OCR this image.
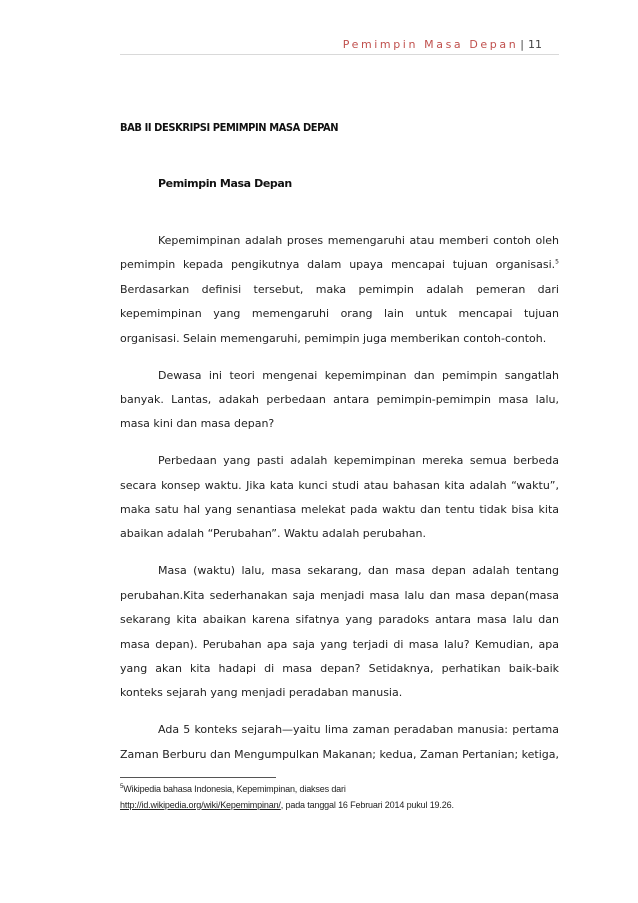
Pemimpin Masa Depan | 11
BAB II DESKRIPSI PEMIMPIN MASA DEPAN
Pemimpin Masa Depan

Kepemimpinan adalah proses memengaruhi atau memberi contoh oleh pemimpin kepada pengikutnya dalam upaya mencapai tujuan organisasi.$^5$ Berdasarkan definisi tersebut, maka pemimpin adalah pemeran dari kepemimpinan yang memengaruhi orang lain untuk mencapai tujuan organisasi. Selain memengaruhi, pemimpin juga memberikan contoh-contoh.

Dewasa ini teori mengenai kepemimpinan dan pemimpin sangatlah banyak. Lantas, adakah perbedaan antara pemimpin-pemimpin masa lalu, masa kini dan masa depan?

Perbedaan yang pasti adalah kepemimpinan mereka semua berbeda secara konsep waktu. Jika kata kunci studi atau bahasan kita adalah “waktu”, maka satu hal yang senantiasa melekat pada waktu dan tentu tidak bisa kita abaikan adalah “Perubahan”. Waktu adalah perubahan.

Masa (waktu) lalu, masa sekarang, dan masa depan adalah tentang perubahan.Kita sederhanakan saja menjadi masa lalu dan masa depan(masa sekarang kita abaikan karena sifatnya yang paradoks antara masa lalu dan masa depan). Perubahan apa saja yang terjadi di masa lalu? Kemudian, apa yang akan kita hadapi di masa depan? Setidaknya, perhatikan baik-baik konteks sejarah yang menjadi peradaban manusia.

Ada 5 konteks sejarah—yaitu lima zaman peradaban manusia: pertama Zaman Berburu dan Mengumpulkan Makanan; kedua, Zaman Pertanian; ketiga,

$^5$Wikipedia bahasa Indonesia, Kepemimpinan, diakses dari
http://id.wikipedia.org/wiki/Kepemimpinan/, pada tanggal 16 Februari 2014 pukul 19.26.
